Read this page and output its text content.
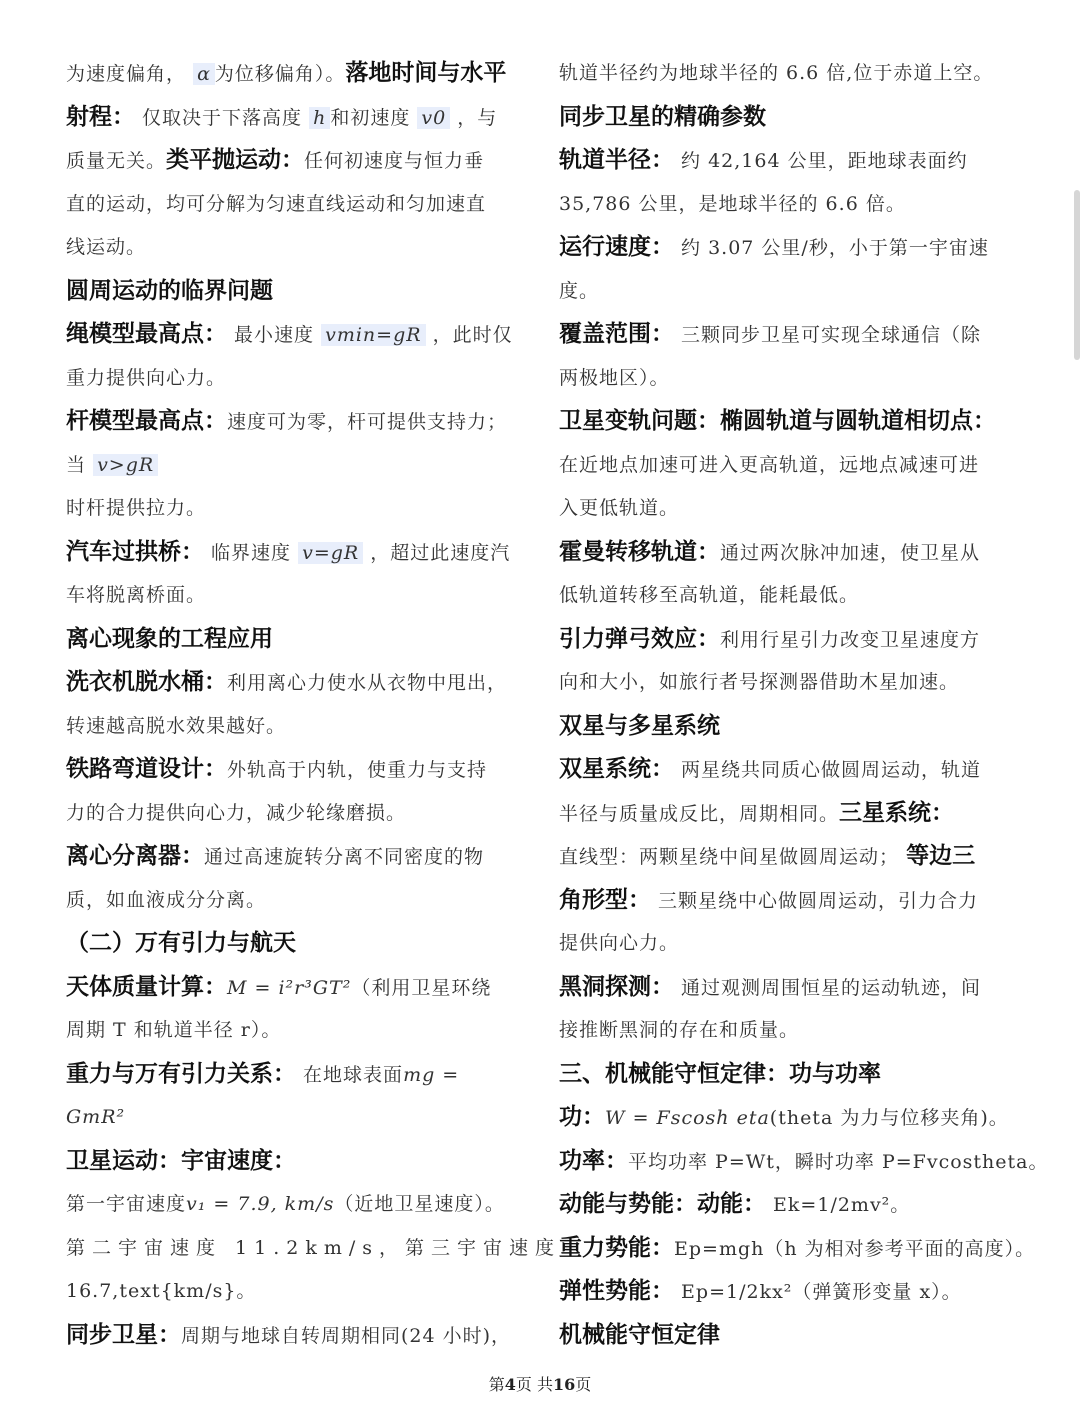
为速度偏角， α 为位移偏角）。落地时间与水平
射程： 仅取决于下落高度 h 和初速度 v0 ，与
质量无关。类平抛运动：任何初速度与恒力垂
直的运动，均可分解为匀速直线运动和匀加速直
线运动。
圆周运动的临界问题
绳模型最高点： 最小速度 vmin=gR ，此时仅
重力提供向心力。
杆模型最高点：速度可为零，杆可提供支持力；
当 v>gR
时杆提供拉力。
汽车过拱桥： 临界速度 v=gR ，超过此速度汽
车将脱离桥面。
离心现象的工程应用
洗衣机脱水桶：利用离心力使水从衣物中甩出，
转速越高脱水效果越好。
铁路弯道设计：外轨高于内轨，使重力与支持
力的合力提供向心力，减少轮缘磨损。
离心分离器：通过高速旋转分离不同密度的物
质，如血液成分分离。
（二）万有引力与航天
天体质量计算：M = i²r³GT²（利用卫星环绕
周期 T 和轨道半径 r）。
重力与万有引力关系： 在地球表面mg =
GmR²
卫星运动：宇宙速度：
第一宇宙速度v₁ = 7.9, km/s（近地卫星速度）。
第二宇宙速度 11.2km/s，第三宇宙速度
16.7,text{km/s}。
同步卫星：周期与地球自转周期相同(24 小时)，
轨道半径约为地球半径的 6.6 倍,位于赤道上空。
同步卫星的精确参数
轨道半径： 约 42,164 公里，距地球表面约
35,786 公里，是地球半径的 6.6 倍。
运行速度： 约 3.07 公里/秒，小于第一宇宙速
度。
覆盖范围： 三颗同步卫星可实现全球通信（除
两极地区）。
卫星变轨问题：椭圆轨道与圆轨道相切点：
在近地点加速可进入更高轨道，远地点减速可进
入更低轨道。
霍曼转移轨道：通过两次脉冲加速，使卫星从
低轨道转移至高轨道，能耗最低。
引力弹弓效应：利用行星引力改变卫星速度方
向和大小，如旅行者号探测器借助木星加速。
双星与多星系统
双星系统： 两星绕共同质心做圆周运动，轨道
半径与质量成反比，周期相同。三星系统：
直线型：两颗星绕中间星做圆周运动； 等边三
角形型： 三颗星绕中心做圆周运动，引力合力
提供向心力。
黑洞探测： 通过观测周围恒星的运动轨迹，间
接推断黑洞的存在和质量。
三、机械能守恒定律：功与功率
功：W = Fscosℎ eta(theta 为力与位移夹角)。
功率：平均功率 P=Wt，瞬时功率 P=Fvcostheta。
动能与势能：动能： Ek=1/2mv²。
重力势能：Ep=mgh（h 为相对参考平面的高度）。
弹性势能： Ep=1/2kx²（弹簧形变量 x）。
机械能守恒定律
第4页 共16页
